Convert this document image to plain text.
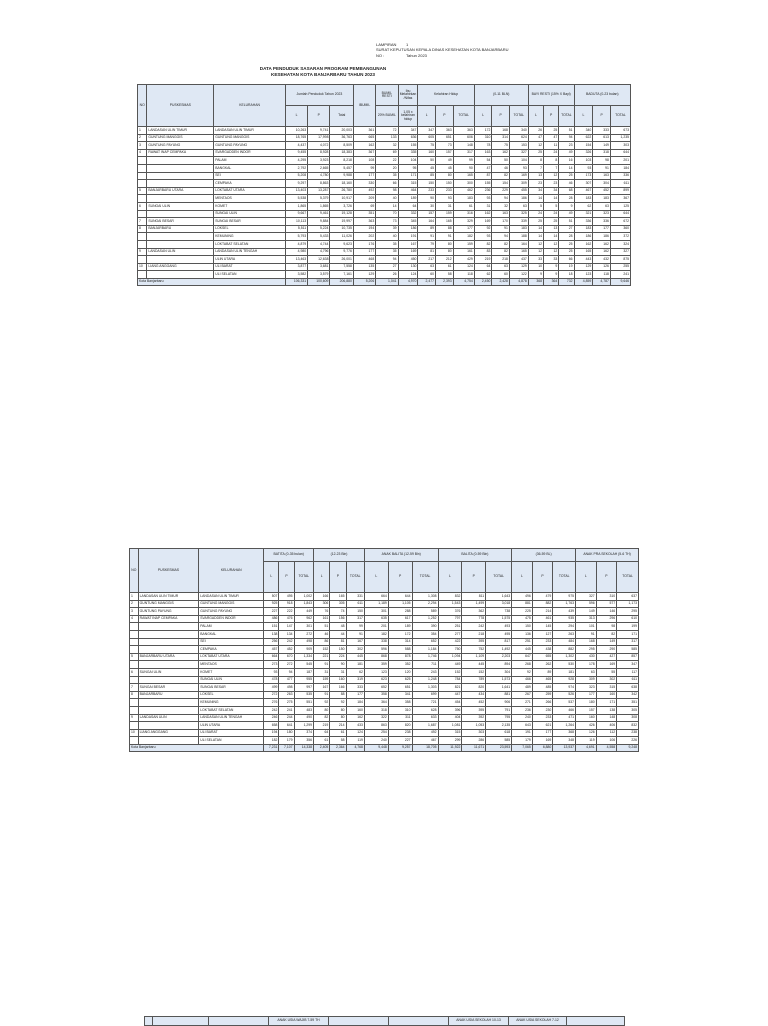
LAMPIRAN	1
SURAT KEPUTUSAN KEPALA DINAS KESEHATAN KOTA BANJARBARU
NO :	Tahun 2023
DATA PENDUDUK SASARAN PROGRAM PEMBANGUNAN
KESEHATAN KOTA BANJARBARU TAHUN 2023
NO	PUSKESMAS	KELURAHAN	Jumlah Penduduk Tahun 2023			IBUMIL	BUMIL RESTI	Ibu Melahirkan /Nifas	Kelahiran Hidup			(0-11 BLN)			BAYI RESTI (15% X Bayi)			BADUTA (0-23 bulan)		
			L	P	Total		20% BUMIL	1,05 x kelahiran hidup	L	P	TOTAL	L	P	TOTAL	L	P	TOTAL	L	P	TOTAL
1	LANDASAN ULIN TIMUR	LANDASAN ULIN TIMUR	10,263	9,741	20,003	361	72	347	347	363	363	172	168	340	26	25	51	340	333	673
2	GUNTUNG MANGGIS	GUNTUNG MANGGIS	18,765	17,998	36,763	665	133	636	605	651	606	310	314	624	47	47	94	622	613	1,235
3	GUNTUNG PAYUNG	GUNTUNG PAYUNG	4,437	4,072	8,509	162	32	155	75	73	148	78	75	153	12	11	23	154	149	303
4	RAWAT INAP CEMPAKA	SVARGADDEN INDOR	9,455	8,928	18,383	367	69	335	160	157	317	163	162	327	25	24	49	326	318	644
		PALAM	4,295	3,923	8,218	108	22	104	50	49	99	54	50	104	8	8	16	103	98	201
		BANGKAL	2,792	2,665	5,457	99	20	95	45	45	90	47	46	93	7	7	14	93	91	184
		SEI	5,208	4,780	9,988	177	35	171	85	80	165	87	82	169	13	12	25	173	163	336
		CEMPAKA	9,297	8,863	18,160	330	66	315	150	150	300	155	154	309	23	23	46	307	304	611
5	BANJARBARU UTARA	LOKTABAT UTARA	13,403	13,287	26,780	492	98	464	233	233	462	236	229	455	34	34	68	467	452	899
		MENTAOS	5,538	5,379	10,917	209	40	189	90	93	183	93	94	186	14	14	28	183	183	367
6	SUNGAI ULIN	KOMET	1,865	1,865	3,726	69	14	64	30	31	61	31	32	63	5	5	9	62	63	125
		SUNGAI ULIN	9,667	9,461	19,128	351	70	332	157	159	316	162	163	325	24	24	49	321	323	644
7	SUNGAI BESAR	SUNGAI BESAR	10,113	9,884	19,997	363	73	345	164	165	329	169	170	339	25	25	51	336	336	672
8	BANJARBARU	LOKSEL	5,511	5,224	10,735	194	39	186	89	88	177	92	91	183	14	13	27	183	177	360
		KEMUNING	5,793	5,433	11,026	202	40	191	91	91	182	93	94	188	14	14	28	186	186	372
		LOKTABAT SELATAN	4,879	4,744	9,623	176	35	167	79	80	159	82	82	164	12	12	25	162	162	324
9	LANDASAN ULIN	LANDASAN ULIN TENGAH	4,980	4,796	9,776	177	35	169	81	80	161	83	82	165	12	12	25	165	162	327
		ULIN UTARA	13,463	12,638	26,001	468	94	450	217	212	429	219	218	437	33	33	66	443	432	875
10	LIANG ANGGANG	ULI BARAT	3,877	3,681	7,558	135	27	130	63	61	124	64	63	129	10	9	19	129	126	255
		ULI SELATAN	3,582	3,579	7,161	129	26	124	60	58	118	62	60	122	9	9	18	123	118	241
Kota Banjarbaru			106,331	100,609	206,880	5,206	1,041	4,970	2,477	2,393	4,754	2,450	2,428	4,878	368	364	732	4,859	4,787	9,646
NO	PUSKESMAS	KELURAHAN	BATITA (0-35 bulan)			(12-23 Bln)			ANAK BALITA (12-59 Bln)			BALITA (0-59 Bln)			(36-59 BL)			ANAK PRA SEKOLAH (5-6 TH)		
			L	P	TOTAL	L	P	TOTAL	L	P	TOTAL	L	P	TOTAL	L	P	TOTAL	L	P	TOTAL
1	LANDASAN ULIN TIMUR	LANDASAN ULIN TIMUR	507	495	1,002	166	165	331	664	644	1,308	832	811	1,643	496	479	975	327	310	637
2	GUNTUNG MANGGIS	GUNTUNG MANGGIS	925	918	1,843	306	305	611	1,189	1,105	2,294	1,543	1,499	3,018	881	882	1,763	596	577	1,173
3	GUNTUNG PAYUNG	GUNTUNG PAYUNG	227	222	449	76	74	150	301	288	589	376	362	738	225	214	439	149	146	295
4	RAWAT INAP CEMPAKA	SVARGADDEN INDOR	486	476	962	161	156	317	635	617	1,252	797	778	1,575	475	461	935	313	296	610
		PALAM	151	147	301	51	48	99	201	189	390	251	242	493	150	145	294	101	98	199
		BANGKAL	138	134	272	46	44	91	182	172	354	277	218	495	136	127	263	91	82	171
		SEI	256	242	498	86	81	167	338	314	652	422	395	817	251	233	484	168	149	317
		CEMPAKA	457	452	909	152	150	302	596	588	1,184	750	752	1,492	445	438	882	295	290	585
5	BANJARBARU UTARA	LOKTABAT UTARA	664	670	1,334	221	224	445	868	878	1,746	1,094	1,109	2,203	647	655	1,302	430	427	857
		MENTAOS	273	272	545	91	90	181	359	352	711	449	445	894	268	262	530	178	169	347
6	SUNGAI ULIN	KOMET	93	94	187	31	31	62	123	120	243	152	152	304	92	89	181	63	55	117
		SUNGAI ULIN	478	477	955	159	160	319	623	625	1,248	784	789	1,573	466	465	928	309	302	611
7	SUNGAI BESAR	SUNGAI BESAR	499	498	997	167	166	333	652	651	1,303	821	820	1,641	489	485	974	323	315	638
8	BANJARBARU	LOKSEL	272	263	535	91	88	177	358	341	699	447	434	881	267	259	526	177	160	342
		KEMUNING	276	275	551	92	92	184	364	358	721	454	452	906	271	266	537	180	171	351
		LOKTABAT SELATAN	242	241	483	80	80	160	318	310	628	396	395	791	236	230	466	157	138	305
9	LANDASAN ULIN	LANDASAN ULIN TENGAH	246	244	490	82	80	162	322	311	633	404	392	795	240	233	471	160	148	308
		ULIN UTARA	658	641	1,299	219	214	433	863	820	1,687	1,081	1,053	2,135	643	621	1,264	426	406	832
10	LIANG ANGGANG	ULI BARAT	194	180	374	64	61	124	254	238	492	315	303	618	191	177	368	126	112	238
		ULI SELATAN	182	179	356	61	58	119	240	227	467	299	286	585	179	169	348	119	106	226
Kota Banjarbaru			7,231	7,107	14,338	2,405	2,364	4,768	9,448	9,257	18,705	11,922	11,671	23,593	7,065	6,880	13,937	4,691	4,558	9,248
			ANAK USIA WAJIB 7-59 TH			ANAK USIA SEKOLAH 10-13	ANAK USIA SEKOLAH 7-12	
